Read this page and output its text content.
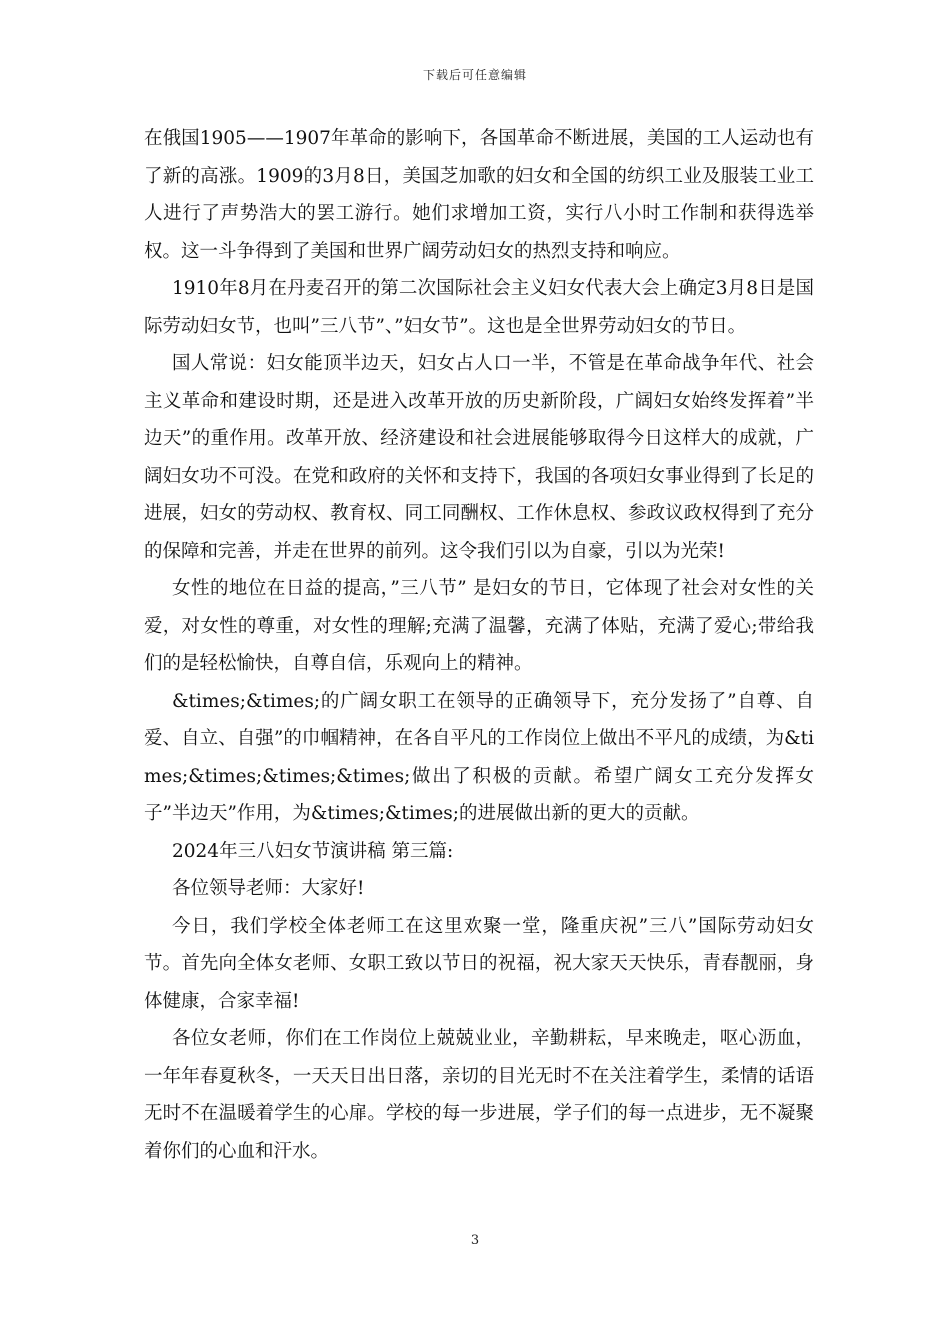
下载后可任意编辑

在俄国1905——1907年革命的影响下，各国革命不断进展，美国的工人运动也有了新的高涨。1909的3月8日，美国芝加歌的妇女和全国的纺织工业及服装工业工人进行了声势浩大的罢工游行。她们求增加工资，实行八小时工作制和获得选举权。这一斗争得到了美国和世界广阔劳动妇女的热烈支持和响应。

1910年8月在丹麦召开的第二次国际社会主义妇女代表大会上确定3月8日是国际劳动妇女节，也叫”三八节”、”妇女节”。这也是全世界劳动妇女的节日。

国人常说：妇女能顶半边天，妇女占人口一半，不管是在革命战争年代、社会主义革命和建设时期，还是进入改革开放的历史新阶段，广阔妇女始终发挥着”半边天”的重作用。改革开放、经济建设和社会进展能够取得今日这样大的成就，广阔妇女功不可没。在党和政府的关怀和支持下，我国的各项妇女事业得到了长足的进展，妇女的劳动权、教育权、同工同酬权、工作休息权、参政议政权得到了充分的保障和完善，并走在世界的前列。这令我们引以为自豪，引以为光荣!

女性的地位在日益的提高，”三八节” 是妇女的节日，它体现了社会对女性的关爱，对女性的尊重，对女性的理解;充满了温馨，充满了体贴，充满了爱心;带给我们的是轻松愉快，自尊自信，乐观向上的精神。

&times;&times;的广阔女职工在领导的正确领导下，充分发扬了”自尊、自爱、自立、自强”的巾帼精神，在各自平凡的工作岗位上做出不平凡的成绩，为&times;&times;&times;&times;做出了积极的贡献。希望广阔女工充分发挥女子”半边天”作用，为&times;&times;的进展做出新的更大的贡献。

2024年三八妇女节演讲稿 第三篇:

各位领导老师：大家好!

今日，我们学校全体老师工在这里欢聚一堂，隆重庆祝”三八”国际劳动妇女节。首先向全体女老师、女职工致以节日的祝福，祝大家天天快乐，青春靓丽，身体健康，合家幸福!

各位女老师，你们在工作岗位上兢兢业业，辛勤耕耘，早来晚走，呕心沥血，一年年春夏秋冬，一天天日出日落，亲切的目光无时不在关注着学生，柔情的话语无时不在温暖着学生的心扉。学校的每一步进展，学子们的每一点进步，无不凝聚着你们的心血和汗水。

3
